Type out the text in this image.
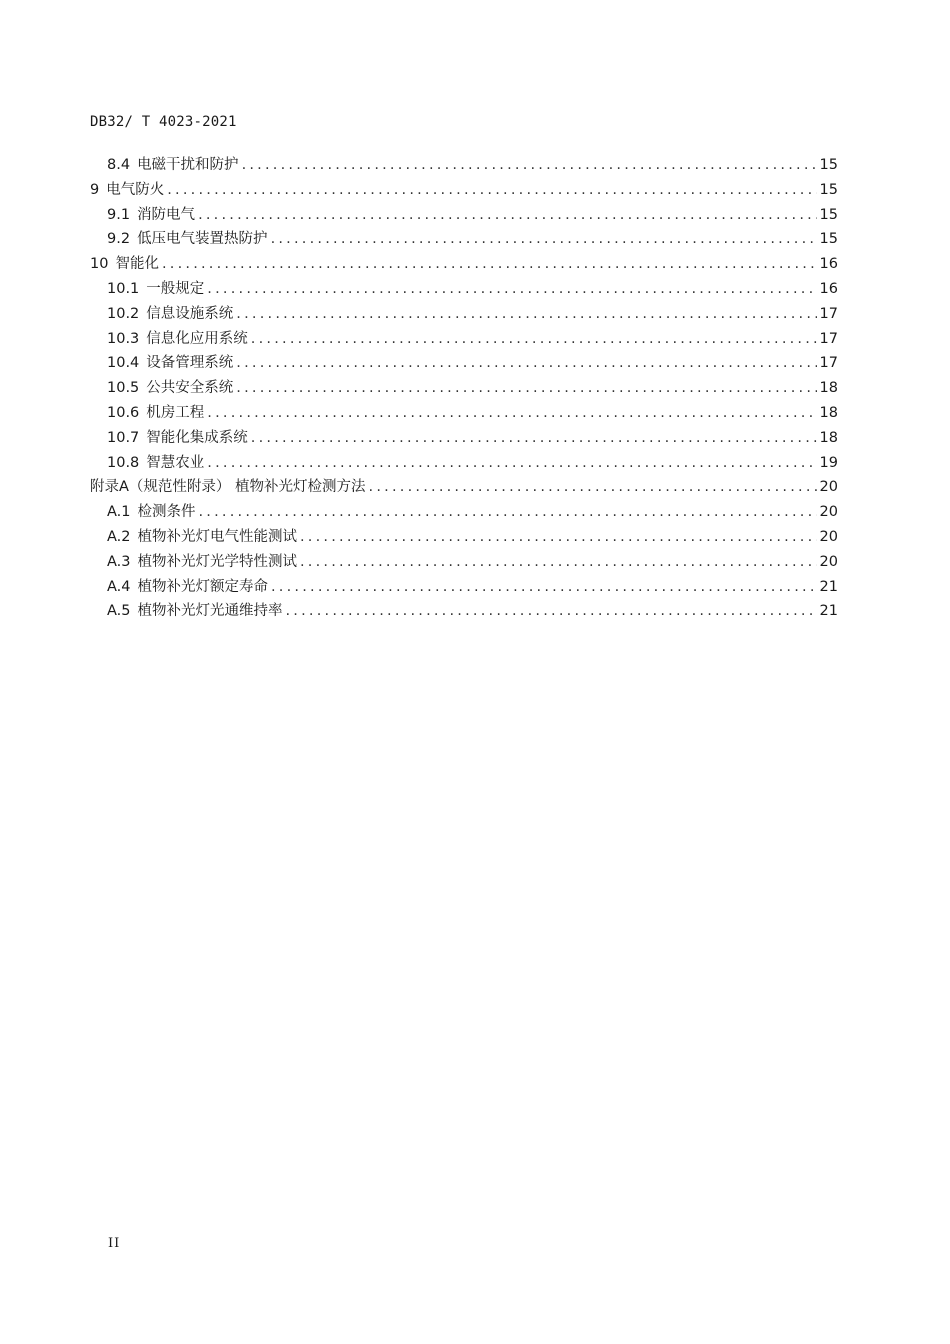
DB32/ T 4023-2021
8.4 电磁干扰和防护 .....	15
9 电气防火 .....	15
9.1 消防电气 .....	15
9.2 低压电气装置热防护 .....	15
10 智能化 .....	16
10.1 一般规定 .....	16
10.2 信息设施系统 .....	17
10.3 信息化应用系统 .....	17
10.4 设备管理系统 .....	17
10.5 公共安全系统 .....	18
10.6 机房工程 .....	18
10.7 智能化集成系统 .....	18
10.8 智慧农业 .....	19
附录A（规范性附录） 植物补光灯检测方法 .....	20
A.1 检测条件 .....	20
A.2 植物补光灯电气性能测试 .....	20
A.3 植物补光灯光学特性测试 .....	20
A.4 植物补光灯额定寿命 .....	21
A.5 植物补光灯光通维持率 .....	21
II
